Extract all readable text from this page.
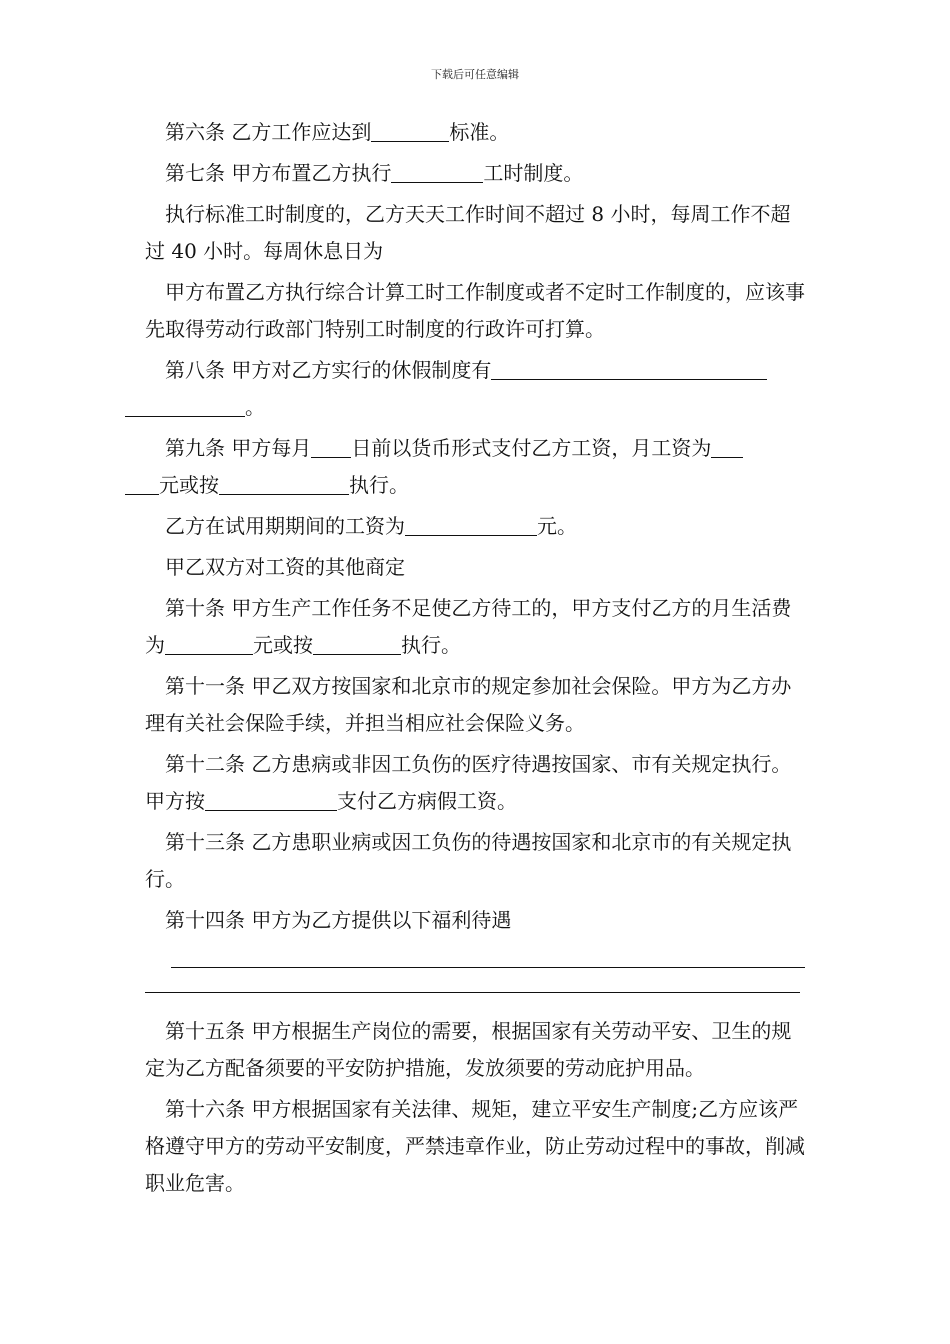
下载后可任意编辑

第六条 乙方工作应达到	标准。

第七条 甲方布置乙方执行	工时制度。

执行标准工时制度的，乙方天天工作时间不超过 8 小时，每周工作不超过 40 小时。每周休息日为

甲方布置乙方执行综合计算工时工作制度或者不定时工作制度的，应该事先取得劳动行政部门特别工时制度的行政许可打算。

第八条 甲方对乙方实行的休假制度有
。

第九条 甲方每月 日前以货币形式支付乙方工资，月工资为
元或按	执行。

乙方在试用期期间的工资为	元。

甲乙双方对工资的其他商定

第十条 甲方生产工作任务不足使乙方待工的，甲方支付乙方的月生活费为	元或按	执行。

第十一条 甲乙双方按国家和北京市的规定参加社会保险。甲方为乙方办理有关社会保险手续，并担当相应社会保险义务。

第十二条 乙方患病或非因工负伤的医疗待遇按国家、市有关规定执行。甲方按	支付乙方病假工资。

第十三条 乙方患职业病或因工负伤的待遇按国家和北京市的有关规定执行。

第十四条 甲方为乙方提供以下福利待遇

第十五条 甲方根据生产岗位的需要，根据国家有关劳动平安、卫生的规定为乙方配备须要的平安防护措施，发放须要的劳动庇护用品。

第十六条 甲方根据国家有关法律、规矩，建立平安生产制度;乙方应该严格遵守甲方的劳动平安制度，严禁违章作业，防止劳动过程中的事故，削减职业危害。
